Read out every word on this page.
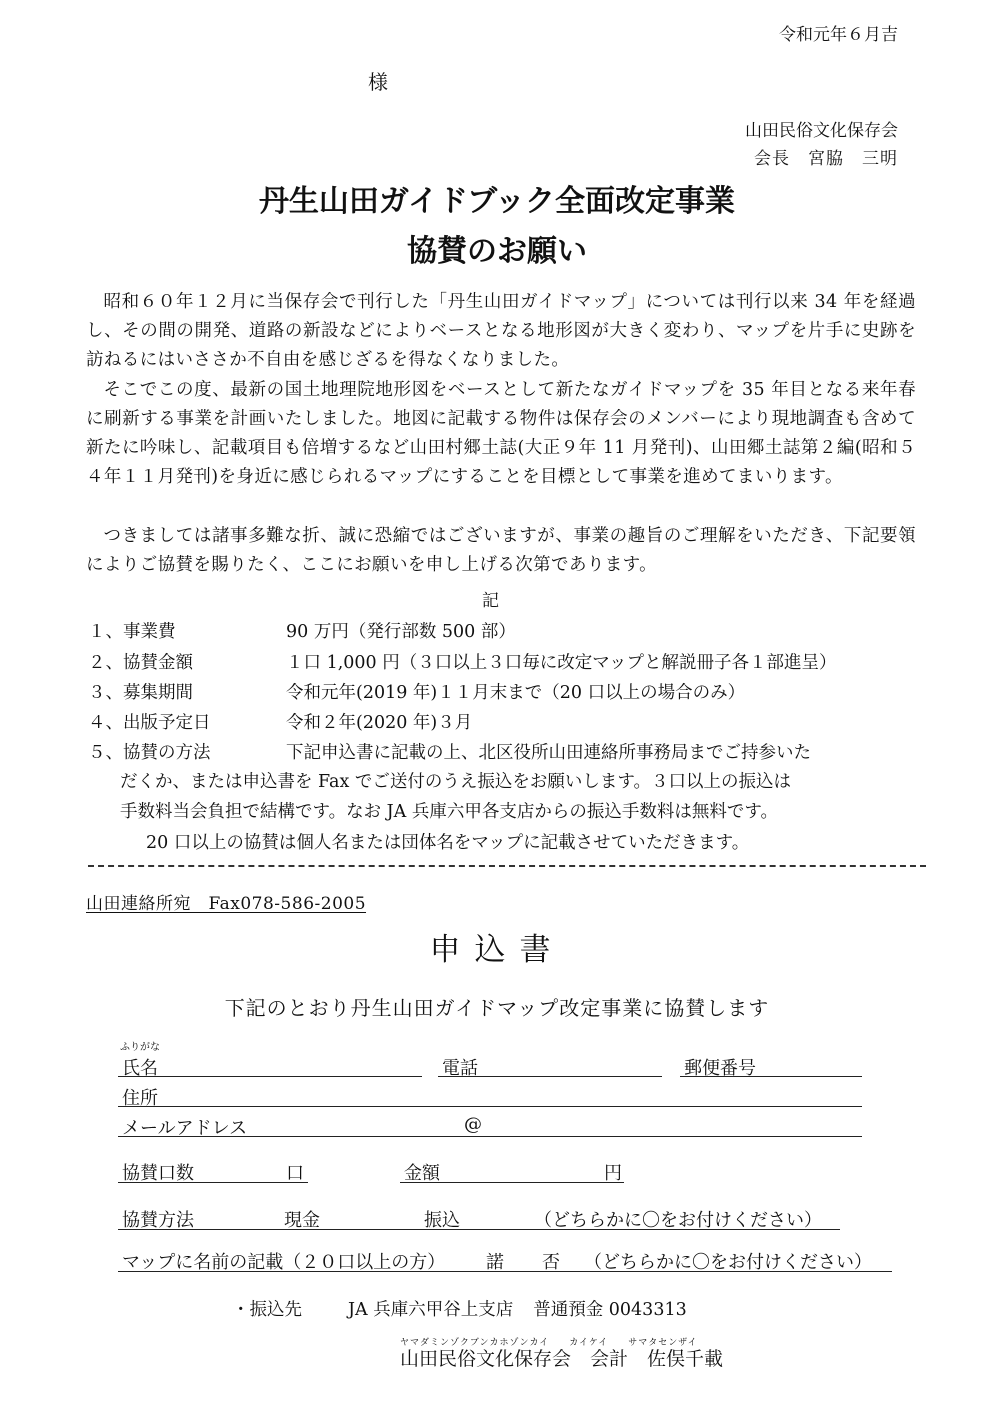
令和元年６月吉
様
山田民俗文化保存会
会長　宮脇　三明
丹生山田ガイドブック全面改定事業
協賛のお願い
昭和６０年１２月に当保存会で刊行した「丹生山田ガイドマップ」については刊行以来 34 年を経過し、その間の開発、道路の新設などによりベースとなる地形図が大きく変わり、マップを片手に史跡を訪ねるにはいささか不自由を感じざるを得なくなりました。
そこでこの度、最新の国土地理院地形図をベースとして新たなガイドマップを 35 年目となる来年春に刷新する事業を計画いたしました。地図に記載する物件は保存会のメンバーにより現地調査も含めて新たに吟味し、記載項目も倍増するなど山田村郷土誌(大正９年 11 月発刊)、山田郷土誌第２編(昭和５４年１１月発刊)を身近に感じられるマップにすることを目標として事業を進めてまいります。
つきましては諸事多難な折、誠に恐縮ではございますが、事業の趣旨のご理解をいただき、下記要領によりご協賛を賜りたく、ここにお願いを申し上げる次第であります。
記
１、事業費	90 万円（発行部数 500 部）
２、協賛金額	１口 1,000 円（３口以上３口毎に改定マップと解説冊子各１部進呈）
３、募集期間	令和元年(2019 年)１１月末まで（20 口以上の場合のみ）
４、出版予定日	令和２年(2020 年)３月
５、協賛の方法	下記申込書に記載の上、北区役所山田連絡所事務局までご持参いた
だくか、または申込書を Fax でご送付のうえ振込をお願いします。３口以上の振込は
手数料当会負担で結構です。なお JA 兵庫六甲各支店からの振込手数料は無料です。
20 口以上の協賛は個人名または団体名をマップに記載させていただきます。
山田連絡所宛　Fax078-586-2005
申込書
下記のとおり丹生山田ガイドマップ改定事業に協賛します
ふりがな
氏名	電話	郵便番号
住所
メールアドレス	@
協賛口数	口	金額	円
協賛方法	現金	振込	（どちらかに〇をお付けください）
マップに名前の記載（２０口以上の方） 諾 否 （どちらかに〇をお付けください）
・振込先	JA 兵庫六甲谷上支店 普通預金 0043313
ヤマダミンゾクブンカホゾンカイ　　カイケイ　　サマタセンザイ
山田民俗文化保存会　会計　佐俣千載
